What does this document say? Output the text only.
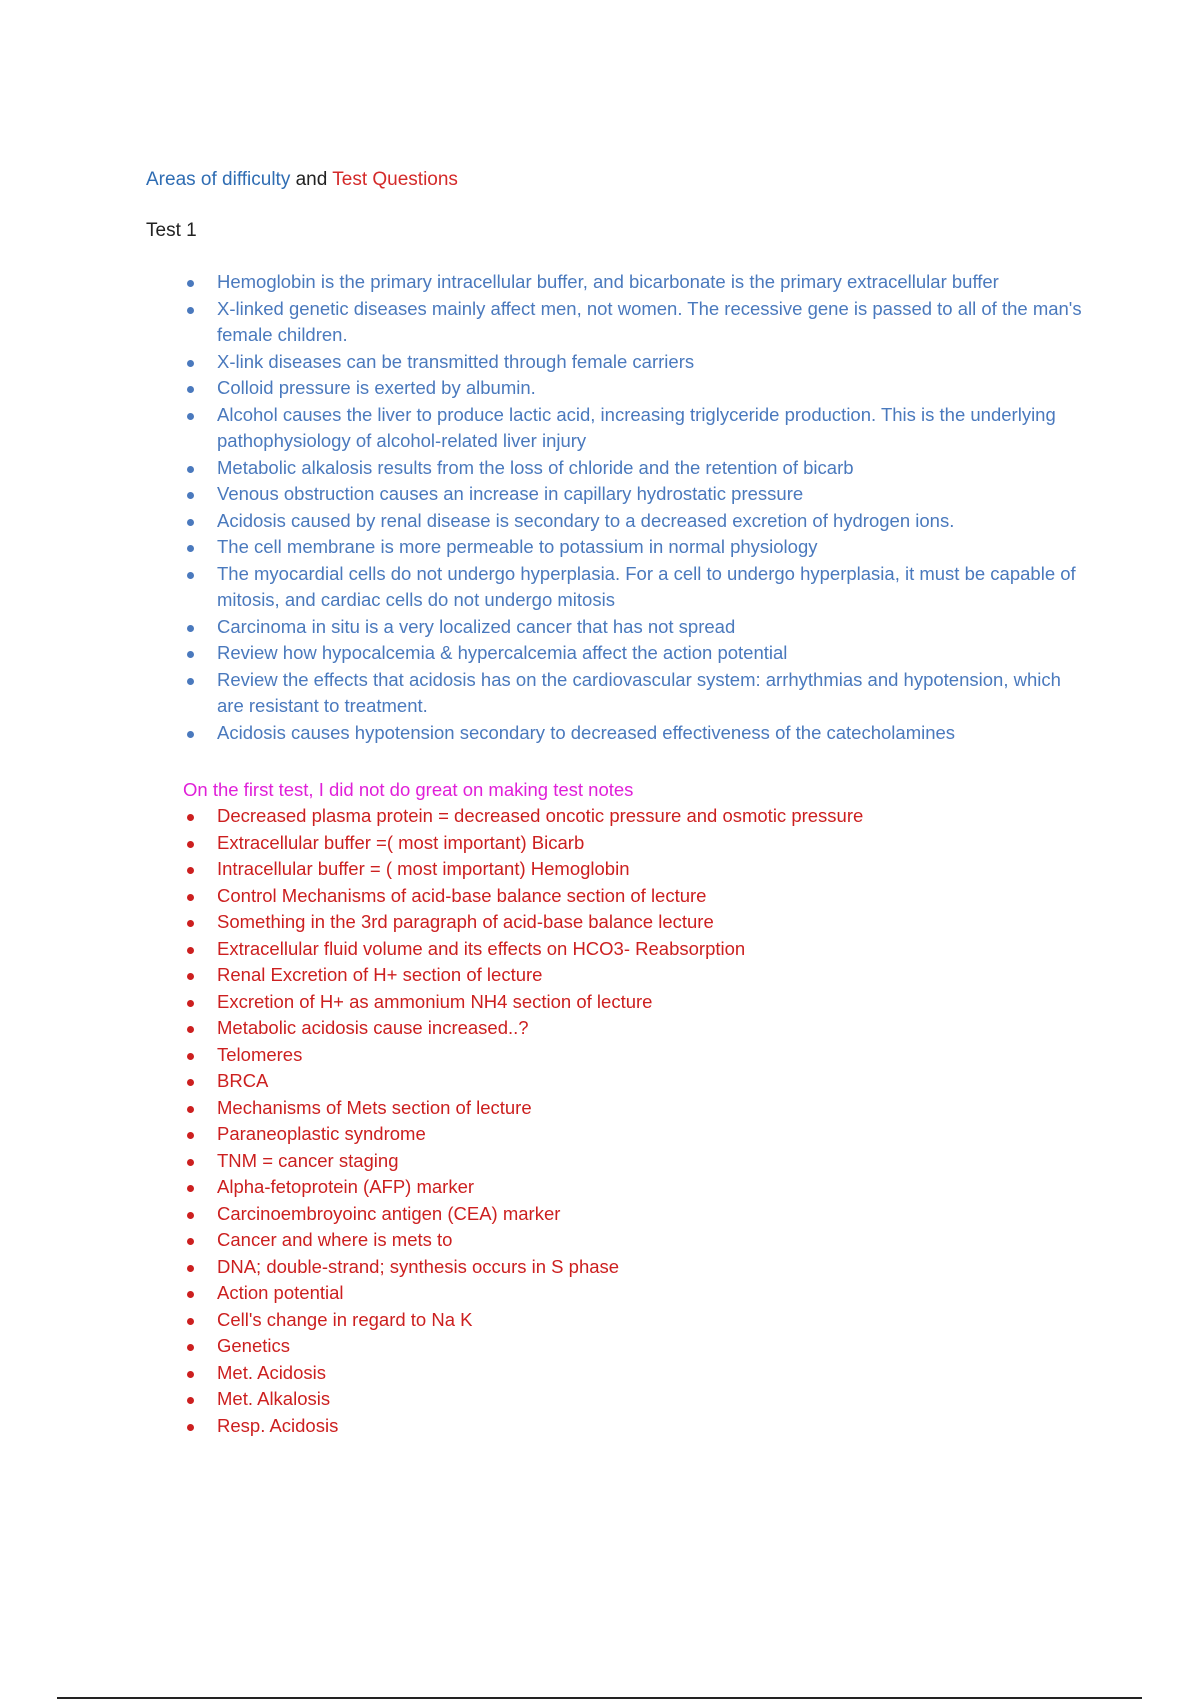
Areas of difficulty and Test Questions
Test 1
Hemoglobin is the primary intracellular buffer, and bicarbonate is the primary extracellular buffer
X-linked genetic diseases mainly affect men, not women. The recessive gene is passed to all of the man's female children.
X-link diseases can be transmitted through female carriers
Colloid pressure is exerted by albumin.
Alcohol causes the liver to produce lactic acid, increasing triglyceride production. This is the underlying pathophysiology of alcohol-related liver injury
Metabolic alkalosis results from the loss of chloride and the retention of bicarb
Venous obstruction causes an increase in capillary hydrostatic pressure
Acidosis caused by renal disease is secondary to a decreased excretion of hydrogen ions.
The cell membrane is more permeable to potassium in normal physiology
The myocardial cells do not undergo hyperplasia. For a cell to undergo hyperplasia, it must be capable of mitosis, and cardiac cells do not undergo mitosis
Carcinoma in situ is a very localized cancer that has not spread
Review how hypocalcemia & hypercalcemia affect the action potential
Review the effects that acidosis has on the cardiovascular system: arrhythmias and hypotension, which are resistant to treatment.
Acidosis causes hypotension secondary to decreased effectiveness of the catecholamines
On the first test, I did not do great on making test notes
Decreased plasma protein = decreased oncotic pressure and osmotic pressure
Extracellular buffer =( most important) Bicarb
Intracellular buffer = ( most important) Hemoglobin
Control Mechanisms of acid-base balance section of lecture
Something in the 3rd paragraph of acid-base balance lecture
Extracellular fluid volume and its effects on HCO3- Reabsorption
Renal Excretion of H+ section of lecture
Excretion of H+ as ammonium NH4 section of lecture
Metabolic acidosis cause increased..?
Telomeres
BRCA
Mechanisms of Mets section of lecture
Paraneoplastic syndrome
TNM = cancer staging
Alpha-fetoprotein (AFP) marker
Carcinoembroyoinc antigen (CEA) marker
Cancer and where is mets to
DNA; double-strand; synthesis occurs in S phase
Action potential
Cell's change in regard to Na K
Genetics
Met. Acidosis
Met. Alkalosis
Resp. Acidosis
